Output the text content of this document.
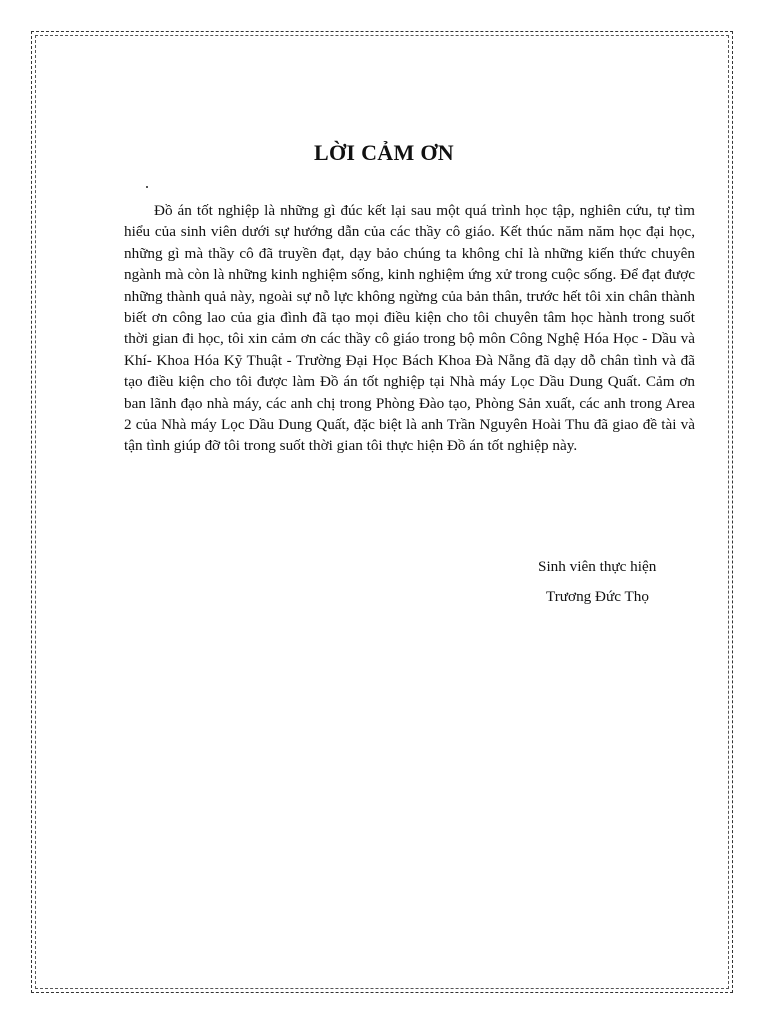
LỜI CẢM ƠN

Đồ án tốt nghiệp là những gì đúc kết lại sau một quá trình học tập, nghiên cứu, tự tìm hiểu của sinh viên dưới sự hướng dẫn của các thầy cô giáo. Kết thúc năm năm học đại học, những gì mà thầy cô đã truyền đạt, dạy bảo chúng ta không chỉ là những kiến thức chuyên ngành mà còn là những kinh nghiệm sống, kinh nghiệm ứng xử trong cuộc sống. Để đạt được những thành quả này, ngoài sự nỗ lực không ngừng của bản thân, trước hết tôi xin chân thành biết ơn công lao của gia đình đã tạo mọi điều kiện cho tôi chuyên tâm học hành trong suốt thời gian đi học, tôi xin cảm ơn các thầy cô giáo trong bộ môn Công Nghệ Hóa Học - Dầu và Khí- Khoa Hóa Kỹ Thuật - Trường Đại Học Bách Khoa Đà Nẵng đã dạy dỗ chân tình và đã tạo điều kiện cho tôi được làm Đồ án tốt nghiệp tại Nhà máy Lọc Dầu Dung Quất. Cảm ơn ban lãnh đạo nhà máy, các anh chị trong Phòng Đào tạo, Phòng Sản xuất, các anh trong Area 2 của Nhà máy Lọc Dầu Dung Quất, đặc biệt là anh Trần Nguyên Hoài Thu đã giao đề tài và tận tình giúp đỡ tôi trong suốt thời gian tôi thực hiện Đồ án tốt nghiệp này.

Sinh viên thực hiện

Trương Đức Thọ
